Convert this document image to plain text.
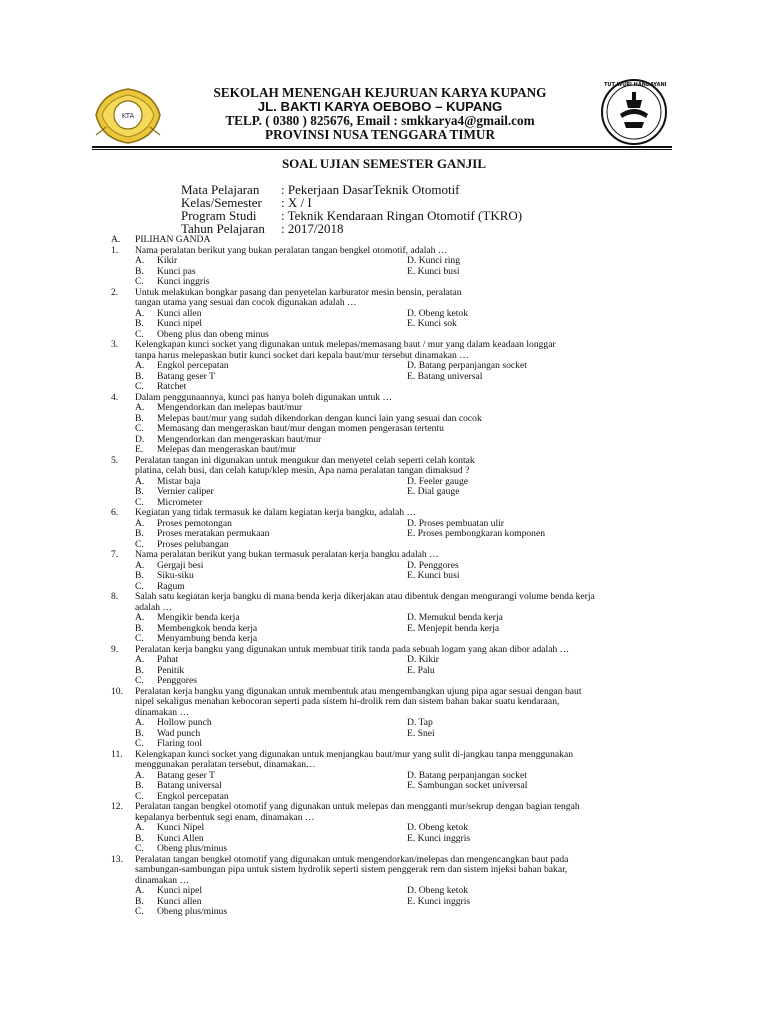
KTA
TUT WURI HANDAYANI
SEKOLAH MENENGAH KEJURUAN KARYA KUPANG
JL. BAKTI KARYA OEBOBO – KUPANG
TELP. ( 0380 ) 825676, Email : smkkarya4@gmail.com
PROVINSI NUSA TENGGARA TIMUR
SOAL UJIAN SEMESTER GANJIL
Mata Pelajaran : Pekerjaan DasarTeknik Otomotif
Kelas/Semester : X / I
Program Studi : Teknik Kendaraan Ringan Otomotif (TKRO)
Tahun Pelajaran : 2017/2018
A. PILIHAN GANDA
1. Nama peralatan berikut yang bukan peralatan tangan bengkel otomotif, adalah …
A. Kikir	D. Kunci ring
B. Kunci pas	E. Kunci busi
C. Kunci inggris
2. Untuk melakukan bongkar pasang dan penyetelan karburator mesin bensin, peralatan
tangan utama yang sesuai dan cocok digunakan adalah …
A. Kunci allen	D. Obeng ketok
B. Kunci nipel	E. Kunci sok
C. Obeng plus dan obeng minus
3. Kelengkapan kunci socket yang digunakan untuk melepas/memasang baut / mur yang dalam keadaan longgar
tanpa harus melepaskan butir kunci socket dari kepala baut/mur tersebut dinamakan …
A. Engkol percepatan	D. Batang perpanjangan socket
B. Batang geser T	E. Batang universal
C. Ratchet
4. Dalam penggunaannya, kunci pas hanya boleh digunakan untuk …
A. Mengendorkan dan melepas baut/mur
B. Melepas baut/mur yang sudah dikendorkan dengan kunci lain yang sesuai dan cocok
C. Memasang dan mengeraskan baut/mur dengan momen pengerasan tertentu
D. Mengendorkan dan mengeraskan baut/mur
E. Melepas dan mengeraskan baut/mur
5. Peralatan tangan ini digunakan untuk mengukur dan menyetel celah seperti celah kontak
platina, celah busi, dan celah katup/klep mesin, Apa nama peralatan tangan dimaksud ?
A. Mistar baja	D. Feeler gauge
B. Vernier caliper	E. Dial gauge
C. Micrometer
6. Kegiatan yang tidak termasuk ke dalam kegiatan kerja bangku, adalah …
A. Proses pemotongan	D. Proses pembuatan ulir
B. Proses meratakan permukaan	E. Proses pembongkaran komponen
C. Proses pelubangan
7. Nama peralatan berikut yang bukan termasuk peralatan kerja bangku adalah …
A. Gergaji besi	D. Penggores
B. Siku-siku	E. Kunci busi
C. Ragum
8. Salah satu kegiatan kerja bangku di mana benda kerja dikerjakan atau dibentuk dengan mengurangi volume benda kerja
adalah …
A. Mengikir benda kerja	D. Memukul benda kerja
B. Membengkok benda kerja	E. Menjepit benda kerja
C. Menyambung benda kerja
9. Peralatan kerja bangku yang digunakan untuk membuat titik tanda pada sebuah logam yang akan dibor adalah …
A. Pahat	D. Kikir
B. Penitik	E. Palu
C. Penggores
10. Peralatan kerja bangku yang digunakan untuk membentuk atau mengembangkan ujung pipa agar sesuai dengan baut
nipel sekaligus menahan kebocoran seperti pada sistem hi-drolik rem dan sistem bahan bakar suatu kendaraan,
dinamakan …
A. Hollow punch	D. Tap
B. Wad punch	E. Snei
C. Flaring tool
11. Kelengkapan kunci socket yang digunakan untuk menjangkau baut/mur yang sulit di-jangkau tanpa menggunakan
menggunakan peralatan tersebut, dinamakan…
A. Batang geser T	D. Batang perpanjangan socket
B. Batang universal	E. Sambungan socket universal
C. Engkol percepatan
12. Peralatan tangan bengkel otomotif yang digunakan untuk melepas dan mengganti mur/sekrup dengan bagian tengah
kepalanya berbentuk segi enam, dinamakan …
A. Kunci Nipel	D. Obeng ketok
B. Kunci Allen	E. Kunci inggris
C. Obeng plus/minus
13. Peralatan tangan bengkel otomotif yang digunakan untuk mengendorkan/melepas dan mengencangkan baut pada
sambungan-sambungan pipa untuk sistem hydrolik seperti sistem penggerak rem dan sistem injeksi bahan bakar,
dinamakan …
A. Kunci nipel	D. Obeng ketok
B. Kunci allen	E. Kunci inggris
C. Obeng plus/minus
